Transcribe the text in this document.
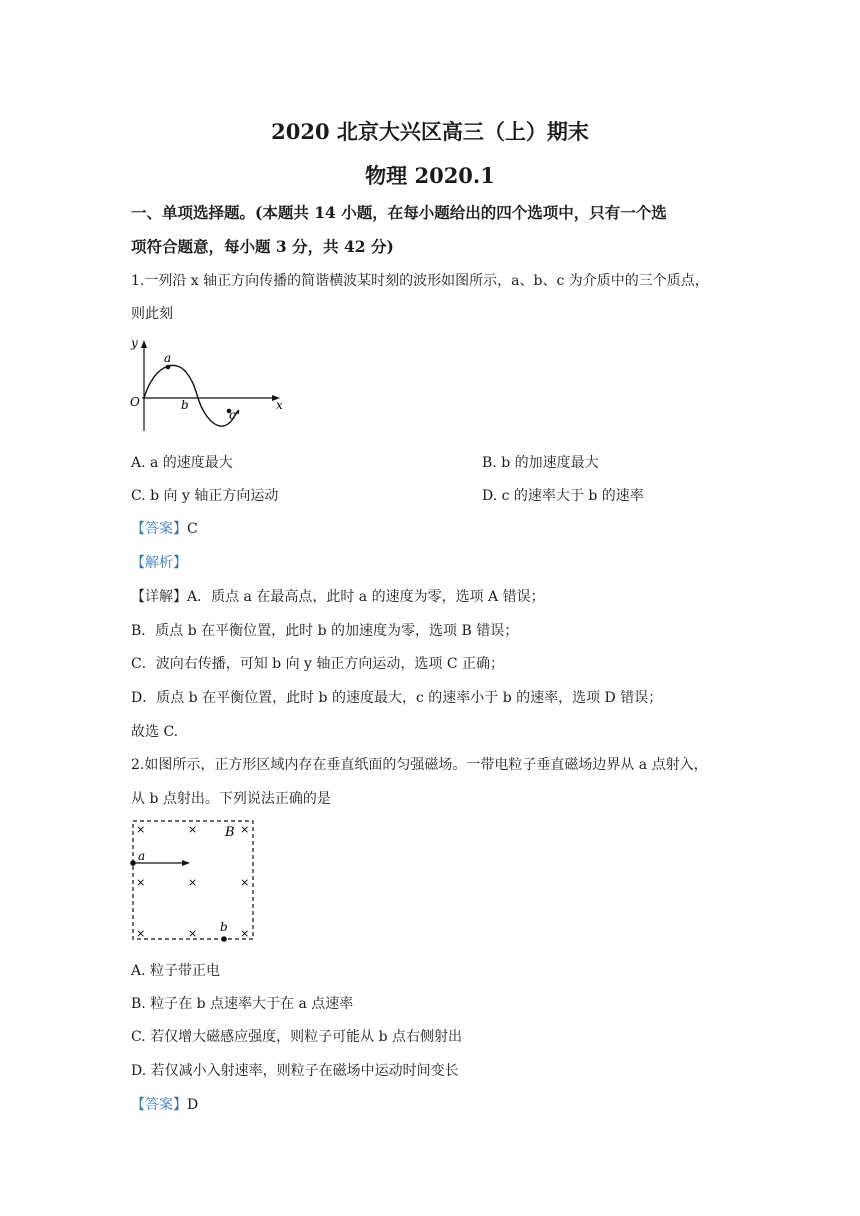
2020 北京大兴区高三（上）期末
物理 2020.1
一、单项选择题。(本题共 14 小题，在每小题给出的四个选项中，只有一个选
项符合题意，每小题 3 分，共 42 分)
1.一列沿 x 轴正方向传播的简谐横波某时刻的波形如图所示，a、b、c 为介质中的三个质点，
则此刻
y
x
O
a
b
c
A. a 的速度最大	B. b 的加速度最大
C. b 向 y 轴正方向运动	D. c 的速率大于 b 的速率
【答案】C
【解析】
【详解】A．质点 a 在最高点，此时 a 的速度为零，选项 A 错误；
B．质点 b 在平衡位置，此时 b 的加速度为零，选项 B 错误；
C．波向右传播，可知 b 向 y 轴正方向运动，选项 C 正确；
D．质点 b 在平衡位置，此时 b 的速度最大，c 的速率小于 b 的速率，选项 D 错误；
故选 C.
2.如图所示，正方形区域内存在垂直纸面的匀强磁场。一带电粒子垂直磁场边界从 a 点射入，
从 b 点射出。下列说法正确的是
×	×	×
×	×	×
×	×	×
B
a
b
A. 粒子带正电
B. 粒子在 b 点速率大于在 a 点速率
C. 若仅增大磁感应强度，则粒子可能从 b 点右侧射出
D. 若仅减小入射速率，则粒子在磁场中运动时间变长
【答案】D
